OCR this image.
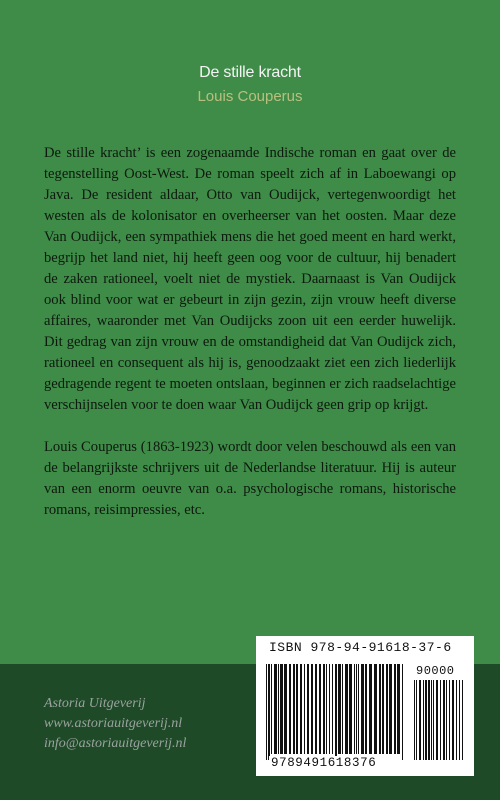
De stille kracht
Louis Couperus

De stille kracht’ is een zogenaamde Indische roman en gaat over de tegenstelling Oost-West. De roman speelt zich af in Laboewangi op Java. De resident aldaar, Otto van Oudijck, vertegenwoordigt het westen als de kolonisator en overheerser van het oosten. Maar deze Van Oudijck, een sympathiek mens die het goed meent en hard werkt, begrijp het land niet, hij heeft geen oog voor de cultuur, hij benadert de zaken rationeel, voelt niet de mystiek. Daarnaast is Van Oudijck ook blind voor wat er gebeurt in zijn gezin, zijn vrouw heeft diverse affaires, waaronder met Van Oudijcks zoon uit een eerder huwelijk. Dit gedrag van zijn vrouw en de omstandigheid dat Van Oudijck zich, rationeel en consequent als hij is, genoodzaakt ziet een zich liederlijk gedragende regent te moeten ontslaan, beginnen er zich raadselachtige verschijnselen voor te doen waar Van Oudijck geen grip op krijgt.

Louis Couperus (1863-1923) wordt door velen beschouwd als een van de belangrijkste schrijvers uit de Nederlandse literatuur. Hij is auteur van een enorm oeuvre van o.a. psychologische romans, historische romans, reisimpressies, etc.

Astoria Uitgeverij
www.astoriauitgeverij.nl
info@astoriauitgeverij.nl
ISBN 978-94-91618-37-6
90000
9789491618376
